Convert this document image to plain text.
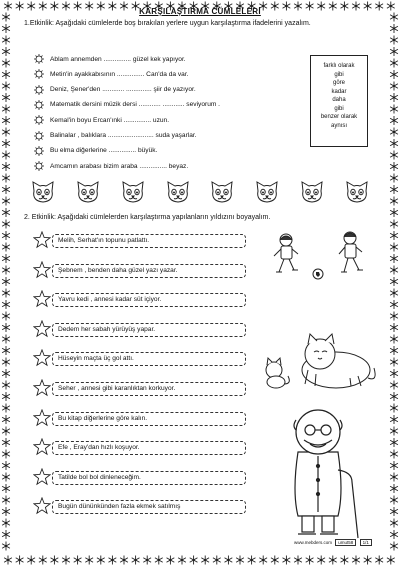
KARŞILAŞTIRMA CÜMLELERİ
1.Etkinlik: Aşağıdaki cümlelerde boş bırakılan yerlere uygun karşılaştırma ifadelerini yazalım.
Ablam annemden ............... güzel kek yapıyor.
Metin'in ayakkabısının ............... Can'da da var.
Deniz, Şener'den ............ .............. şiir de yazıyor.
Matematik dersini müzik dersi ............ ............ seviyorum .
Kemal'in boyu Ercan'ınki ............... uzun.
Balinalar , balıklara ......................... suda yaşarlar.
Bu elma diğerlerine ............... büyük.
Amcamın arabası bizim araba ............... beyaz.
farklı olarak
gibi
göre
kadar
daha
gibi
benzer olarak
aynısı
2. Etkinlik: Aşağıdaki cümlelerden karşılaştırma yapılanların yıldızını boyayalım.
Melih, Serhat'ın topunu patlattı.
Şebnem , benden daha güzel yazı yazar.
Yavru kedi , annesi kadar süt içiyor.
Dedem her sabah yürüyüş yapar.
Hüseyin maçta üç gol attı.
Seher , annesi gibi karanlıktan korkuyor.
Bu kitap diğerlerine göre kalın.
Efe , Eray'dan hızlı koşuyor.
Tatilde bol bol dinleneceğim.
Bugün dününkünden fazla ekmek satılmış
www.mebders.com umut58 1/1
